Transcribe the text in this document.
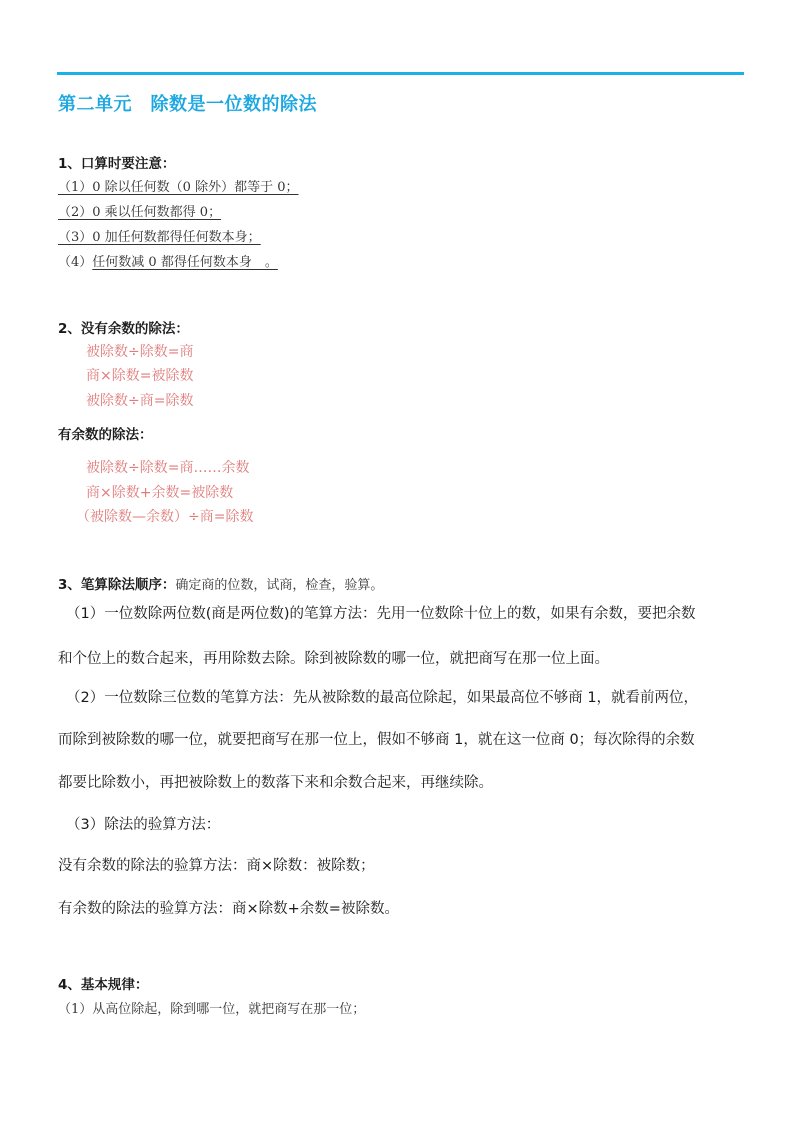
第二单元　除数是一位数的除法
1、口算时要注意：
（1）0 除以任何数（0 除外）都等于 0；
（2）0 乘以任何数都得 0；
（3）0 加任何数都得任何数本身；
（4）任何数减 0 都得任何数本身　。
2、没有余数的除法：
被除数÷除数=商
商×除数=被除数
被除数÷商=除数
有余数的除法：
被除数÷除数=商……余数
商×除数+余数=被除数
（被除数—余数）÷商=除数
3、笔算除法顺序：确定商的位数，试商，检查，验算。
（1）一位数除两位数(商是两位数)的笔算方法：先用一位数除十位上的数，如果有余数，要把余数
和个位上的数合起来，再用除数去除。除到被除数的哪一位，就把商写在那一位上面。
（2）一位数除三位数的笔算方法：先从被除数的最高位除起，如果最高位不够商 1，就看前两位，
而除到被除数的哪一位，就要把商写在那一位上，假如不够商 1，就在这一位商 0；每次除得的余数
都要比除数小，再把被除数上的数落下来和余数合起来，再继续除。
（3）除法的验算方法：
没有余数的除法的验算方法：商×除数：被除数；
有余数的除法的验算方法：商×除数+余数=被除数。
4、基本规律：
（1）从高位除起，除到哪一位，就把商写在那一位；
